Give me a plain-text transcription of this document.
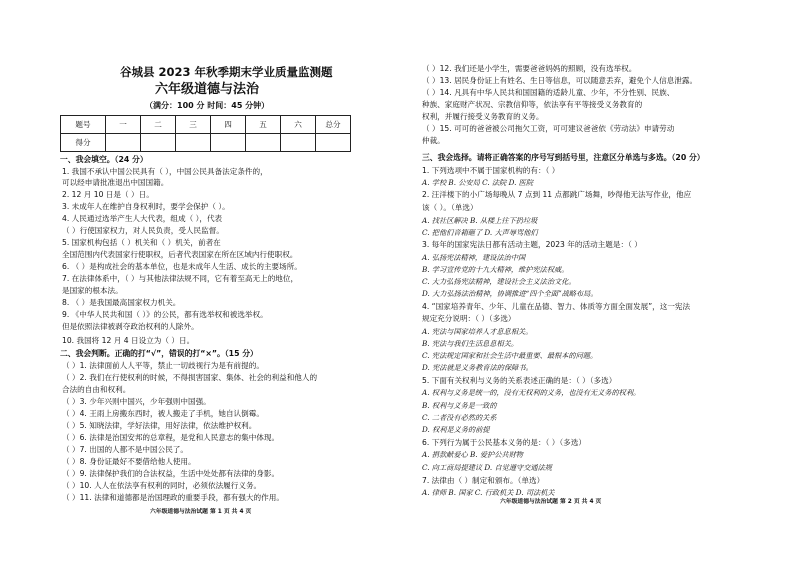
谷城县 2023 年秋季期末学业质量监测题
六年级道德与法治
（满分：100 分 时间：45 分钟）
题号	一	二	三	四	五	六	总分
得分							
一、我会填空。（24 分）
1. 我国不承认中国公民具有（ ），中国公民具备法定条件的，
可以经申请批准退出中国国籍。
2. 12 月 10 日是（ ）日。
3. 未成年人在维护自身权利时，要学会保护（ ）。
4. 人民通过选举产生人大代表，组成（ ），代表
（ ）行使国家权力，对人民负责，受人民监督。
5. 国家机构包括（ ）机关和（ ）机关，前者在
全国范围内代表国家行使职权，后者代表国家在所在区域内行使职权。
6. （ ）是构成社会的基本单位，也是未成年人生活、成长的主要场所。
7. 在法律体系中，（ ）与其他法律法规不同，它有着至高无上的地位，
是国家的根本法。
8. （ ）是我国最高国家权力机关。
9. 《中华人民共和国（ ）》的公民，都有选举权和被选举权。
但是依照法律被剥夺政治权利的人除外。
10. 我国将 12 月 4 日设立为（ ）日。
二、我会判断。正确的打“√”，错误的打“×”。（15 分）
（ ）1. 法律面前人人平等，禁止一切歧视行为是有前提的。
（ ）2. 我们在行使权利的时候，不得损害国家、集体、社会的利益和他人的
合法的自由和权利。
（ ）3. 少年兴则中国兴，少年强则中国强。
（ ）4. 王雨上房搬东西时，被人搬走了手机，她自认倒霉。
（ ）5. 知晓法律，学好法律，用好法律，依法维护权利。
（ ）6. 法律是治国安邦的总章程，是党和人民意志的集中体现。
（ ）7. 出国的人都不是中国公民了。
（ ）8. 身份证最好不要借给他人使用。
（ ）9. 法律保护我们的合法权益，生活中处处都有法律的身影。
（ ）10. 人人在依法享有权利的同时，必须依法履行义务。
（ ）11. 法律和道德都是治国理政的重要手段，都有强大的作用。
六年级道德与法治试题 第 1 页 共 4 页
（ ）12. 我们还是小学生，需要爸爸妈妈的照顾，没有选举权。
（ ）13. 居民身份证上有姓名、生日等信息，可以随意丢弃，避免个人信息泄露。
（ ）14. 凡具有中华人民共和国国籍的适龄儿童、少年，不分性别、民族、
种族、家庭财产状况、宗教信仰等，依法享有平等接受义务教育的
权利，并履行接受义务教育的义务。
（ ）15. 可可的爸爸被公司拖欠工资，可可建议爸爸依《劳动法》申请劳动
仲裁。
三、我会选择。请将正确答案的序号写到括号里，注意区分单选与多选。（20 分）
1. 下列选项中不属于国家机构的有：（ ）
A. 学校 B. 公安局 C. 法院 D. 医院
2. 汪洋楼下的小广场每晚从 7 点到 11 点都跳广场舞，吵得他无法写作业，他应
该（ ）。（单选）
A. 找社区解决 B. 从楼上往下扔垃圾
C. 把他们音箱砸了 D. 大声辱骂他们
3. 每年的国家宪法日都有活动主题，2023 年的活动主题是：（ ）
A. 弘扬宪法精神，建设法治中国
B. 学习宣传党的十九大精神，维护宪法权威。
C. 大力弘扬宪法精神，建设社会主义法治文化。
D. 大力弘扬法治精神，协调推进“四个全面”战略布局。
4. “国家培养青年、少年、儿童在品德、智力、体质等方面全面发展”，这一宪法
规定充分说明：（ ）（多选）
A. 宪法与国家培养人才息息相关。
B. 宪法与我们生活息息相关。
C. 宪法规定国家和社会生活中最重要、最根本的问题。
D. 宪法就是义务教育法的保障书。
5. 下面有关权利与义务的关系表述正确的是：（ ）（多选）
A. 权利与义务是统一的，没有无权利的义务，也没有无义务的权利。
B. 权利与义务是一致的
C. 二者没有必然的关系
D. 权利是义务的前提
6. 下列行为属于公民基本义务的是：（ ）（多选）
A. 捐款献爱心 B. 爱护公共财物
C. 向工商局提建议 D. 自觉遵守交通法规
7. 法律由（ ）制定和颁布。（单选）
A. 律师 B. 国家 C. 行政机关 D. 司法机关
六年级道德与法治试题 第 2 页 共 4 页
